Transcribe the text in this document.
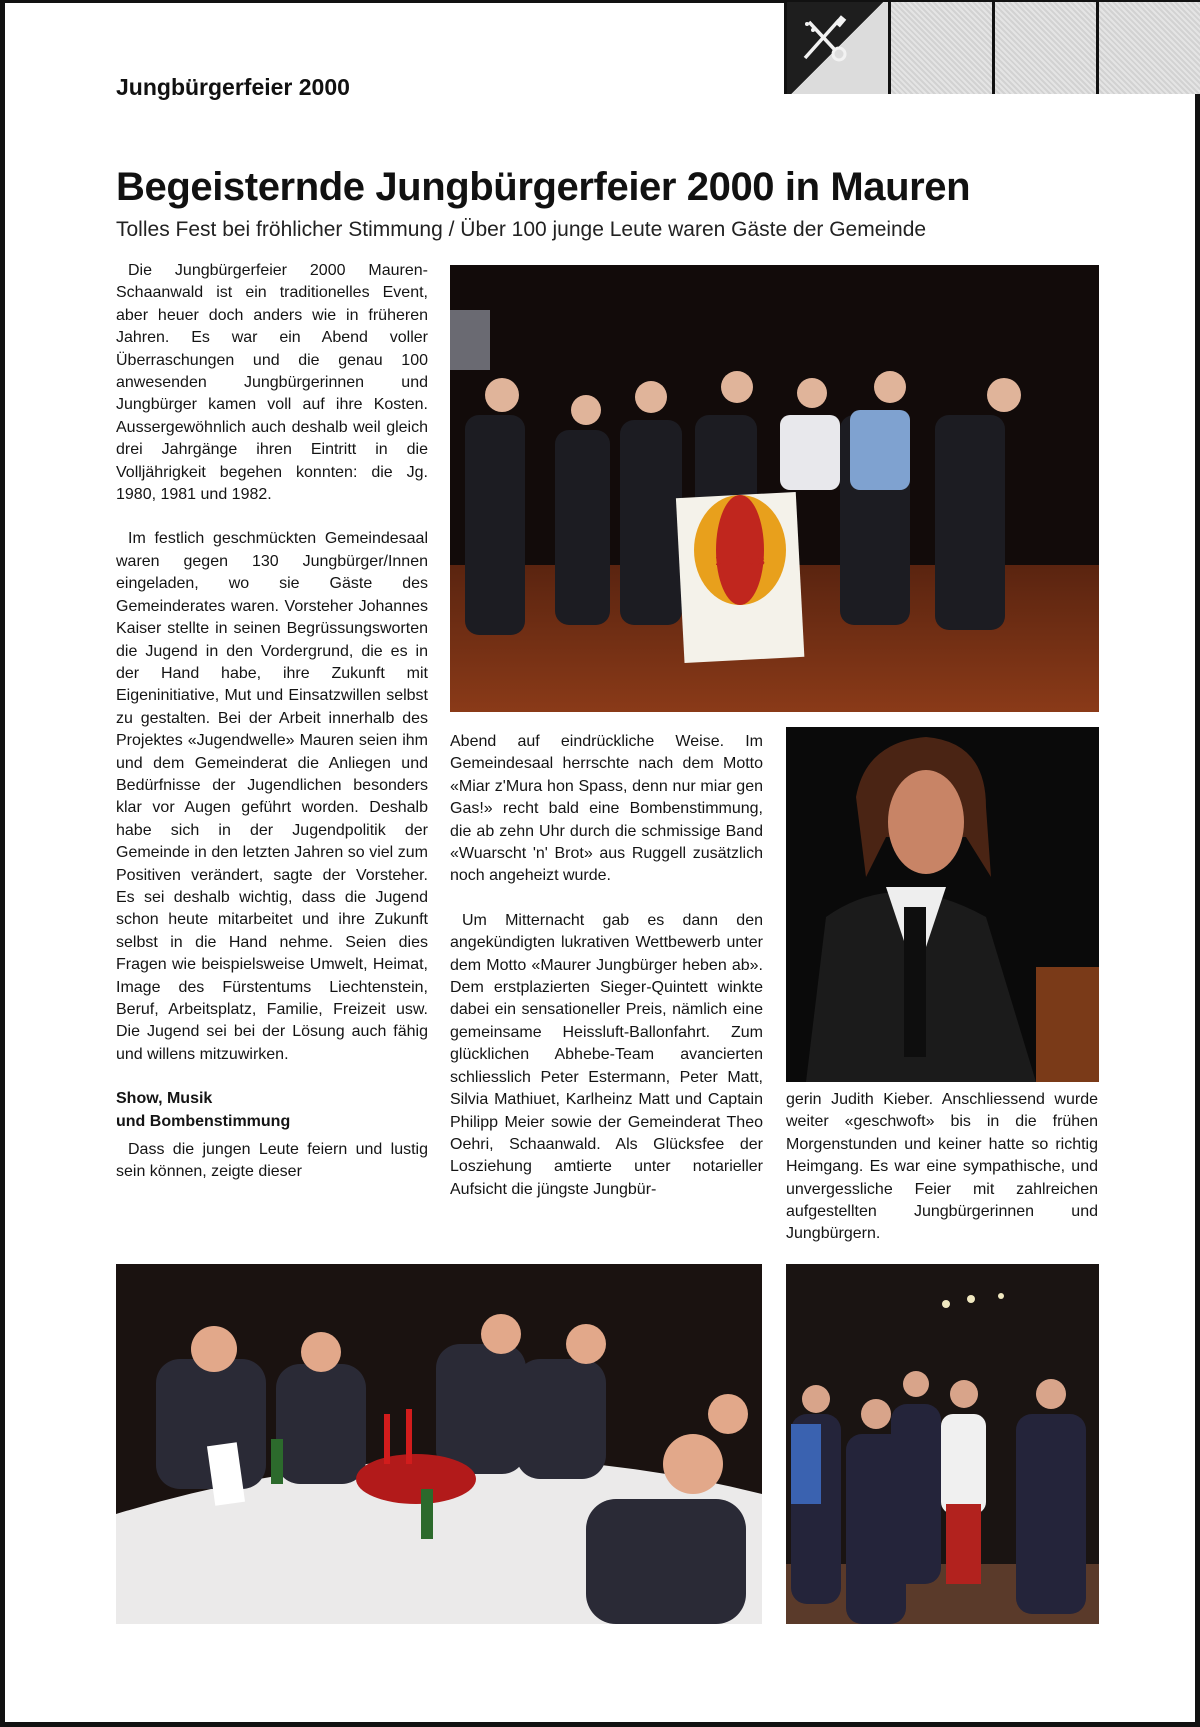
Jungbürgerfeier 2000
Begeisternde Jungbürgerfeier 2000 in Mauren
Tolles Fest bei fröhlicher Stimmung / Über 100 junge Leute waren Gäste der Gemeinde

Die Jungbürgerfeier 2000 Mauren-Schaanwald ist ein traditionelles Event, aber heuer doch anders wie in früheren Jahren. Es war ein Abend voller Überraschungen und die genau 100 anwesenden Jungbürgerinnen und Jungbürger kamen voll auf ihre Kosten. Aussergewöhnlich auch deshalb weil gleich drei Jahrgänge ihren Eintritt in die Volljährigkeit begehen konnten: die Jg. 1980, 1981 und 1982.

Im festlich geschmückten Gemeindesaal waren gegen 130 Jungbürger/Innen eingeladen, wo sie Gäste des Gemeinderates waren. Vorsteher Johannes Kaiser stellte in seinen Begrüssungsworten die Jugend in den Vordergrund, die es in der Hand habe, ihre Zukunft mit Eigeninitiative, Mut und Einsatzwillen selbst zu gestalten. Bei der Arbeit innerhalb des Projektes «Jugendwelle» Mauren seien ihm und dem Gemeinderat die Anliegen und Bedürfnisse der Jugendlichen besonders klar vor Augen geführt worden. Deshalb habe sich in der Jugendpolitik der Gemeinde in den letzten Jahren so viel zum Positiven verändert, sagte der Vorsteher. Es sei deshalb wichtig, dass die Jugend schon heute mitarbeitet und ihre Zukunft selbst in die Hand nehme. Seien dies Fragen wie beispielsweise Umwelt, Heimat, Image des Fürstentums Liechtenstein, Beruf, Arbeitsplatz, Familie, Freizeit usw. Die Jugend sei bei der Lösung auch fähig und willens mitzuwirken.

Show, Musik
und Bombenstimmung

Dass die jungen Leute feiern und lustig sein können, zeigte dieser

Abend auf eindrückliche Weise. Im Gemeindesaal herrschte nach dem Motto «Miar z'Mura hon Spass, denn nur miar gen Gas!» recht bald eine Bombenstimmung, die ab zehn Uhr durch die schmissige Band «Wuarscht 'n' Brot» aus Ruggell zusätzlich noch angeheizt wurde.

Um Mitternacht gab es dann den angekündigten lukrativen Wettbewerb unter dem Motto «Maurer Jungbürger heben ab». Dem erstplazierten Sieger-Quintett winkte dabei ein sensationeller Preis, nämlich eine gemeinsame Heissluft-Ballonfahrt. Zum glücklichen Abhebe-Team avancierten schliesslich Peter Estermann, Peter Matt, Silvia Mathiuet, Karlheinz Matt und Captain Philipp Meier sowie der Gemeinderat Theo Oehri, Schaanwald. Als Glücksfee der Losziehung amtierte unter notarieller Aufsicht die jüngste Jungbür-

gerin Judith Kieber. Anschliessend wurde weiter «geschwoft» bis in die frühen Morgenstunden und keiner hatte so richtig Heimgang. Es war eine sympathische, und unvergessliche Feier mit zahlreichen aufgestellten Jungbürgerinnen und Jungbürgern.

1. Preis
